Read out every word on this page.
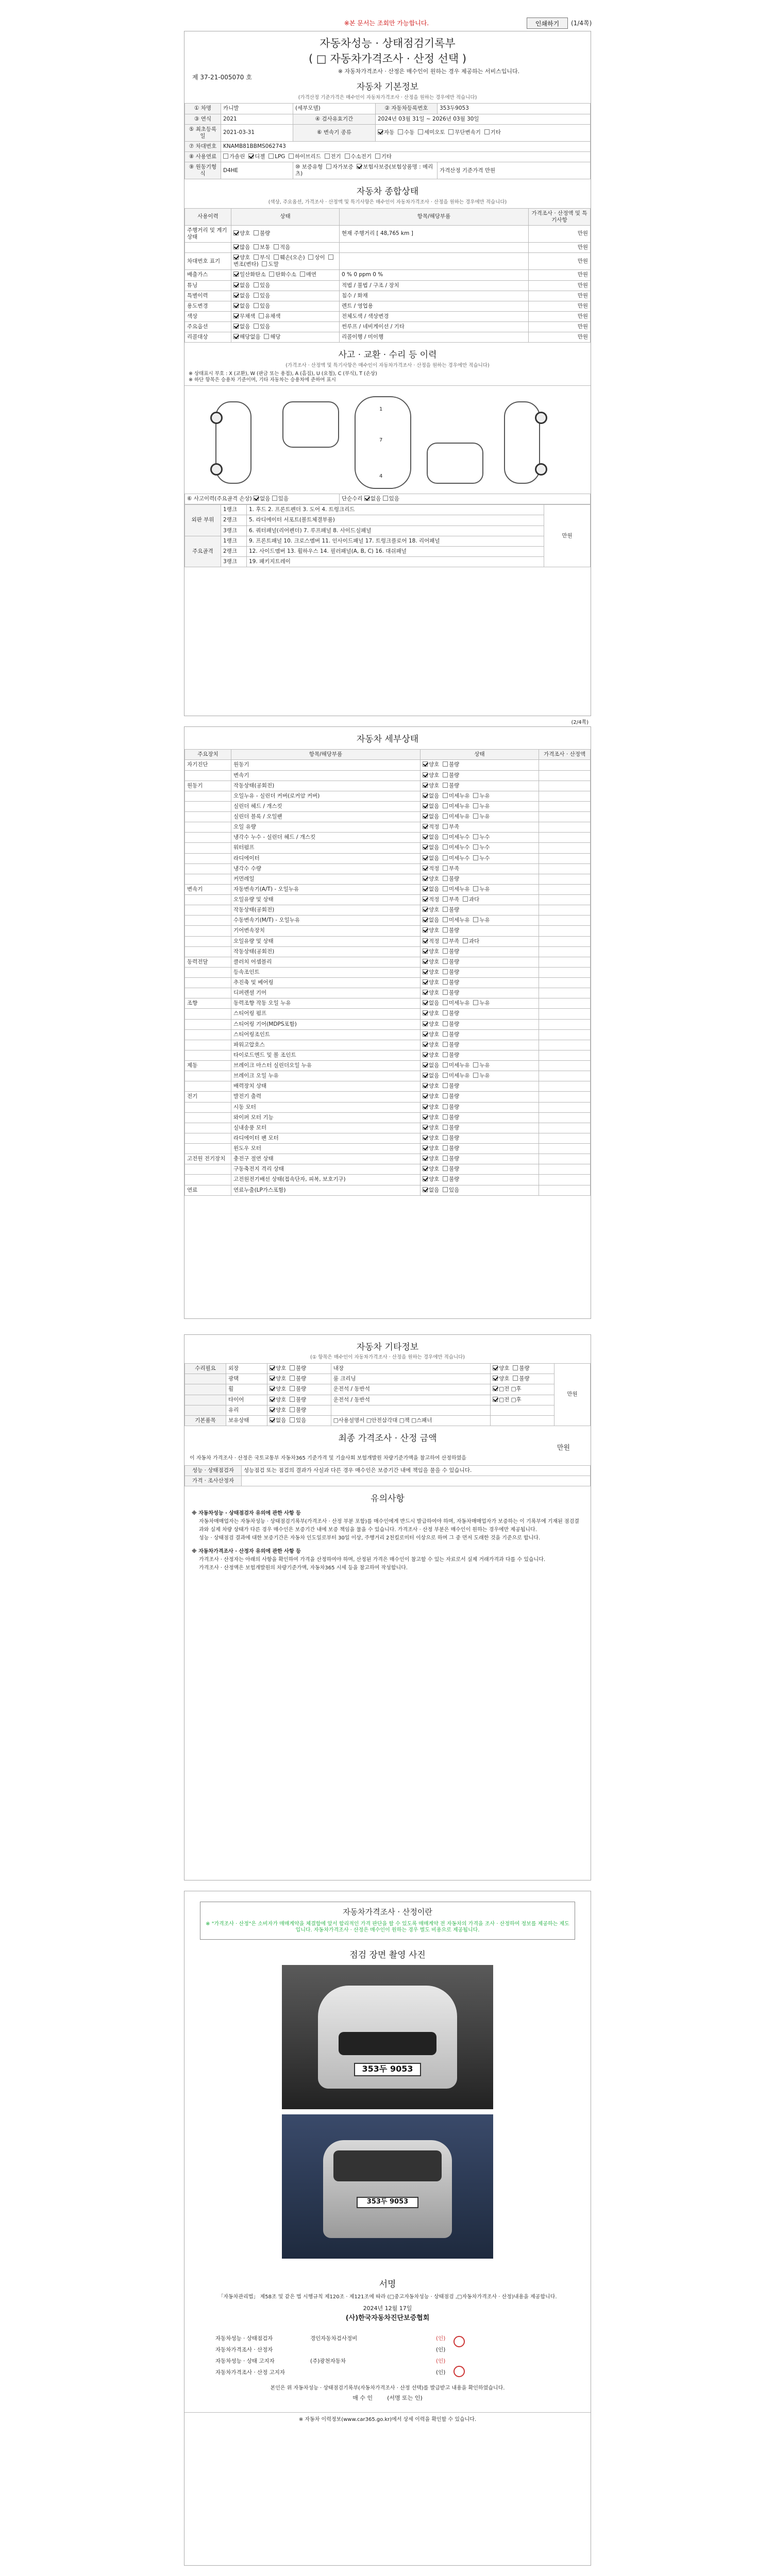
※본 문서는 조회만 가능합니다.	인쇄하기	(1/4쪽)
자동차성능 · 상태점검기록부
( □ 자동차가격조사 · 산정 선택 )
※ 자동차가격조사 · 산정은 매수인이 원하는 경우 제공하는 서비스입니다.
제 37-21-005070 호
자동차 기본정보
(가격산정 기준가격은 매수인이 자동차가격조사 · 산정을 원하는 경우에만 적습니다)
① 차명	카니발	(세부모델)	② 자동차등록번호	353두9053
③ 연식	2021	④ 검사유효기간	2024년 03월 31일 ~ 2026년 03월 30일	
⑤ 최초등록일	2021-03-31	⑥ 변속기 종류	자동 수동 세미오토 무단변속기 기타	
⑦ 차대번호	KNAMB81BBMS062743			
⑧ 사용연료	가솔린 디젤 LPG 하이브리드 전기 수소전기 기타			
⑨ 원동기형식	D4HE	⑩ 보증유형 자가보증 보험사보증(보험상품명 : 메리츠)		가격산정 기준가격 만원
자동차 종합상태
(색상, 주요옵션, 가격조사 · 산정액 및 특기사항은 매수인이 자동차가격조사 · 산정을 원하는 경우에만 적습니다)
사용이력	상태	항목/해당부품	가격조사 · 산정액 및 특기사항
주행거리 및 계기상태	양호 불량	현재 주행거리 [ 48,765 km ]	만원
	많음 보통 적음		만원
차대번호 표기	양호 부식 훼손(오손) 상이  변조(변타) 도말		만원
배출가스	일산화탄소 탄화수소 매연	0 % 0 ppm 0 %	만원
튜닝	없음 있음	적법 / 불법 / 구조 / 장치	만원
특별이력	없음 있음	침수 / 화재	만원
용도변경	없음 있음	렌트 / 영업용	만원
색상	무채색 유채색	전체도색 / 색상변경	만원
주요옵션	없음 있음	썬루프 / 네비게이션 / 기타	만원
리콜대상	해당없음 해당	리콜이행 / 미이행	만원
사고 · 교환 · 수리 등 이력
(가격조사 · 산정액 및 특기사항은 매수인이 자동차가격조사 · 산정을 원하는 경우에만 적습니다)
※ 상태표시 부호 : X (교환), W (판금 또는 용접), A (흠집), U (요철), C (부식), T (손상)
※ 하단 항목은 승용차 기준이며, 기타 자동차는 승용차에 준하여 표시
1
7
4
⑥ 사고이력(주요골격 손상) 없음 있음	단순수리 없음 있음
외판 부위	1랭크	1. 후드 2. 프론트펜더 3. 도어 4. 트렁크리드	만원
	2랭크	5. 라디에이터 서포트(볼트체결부품)	
	3랭크	6. 쿼터패널(리어펜더) 7. 루프패널 8. 사이드실패널	
주요골격	1랭크	9. 프론트패널 10. 크로스멤버 11. 인사이드패널 17. 트렁크플로어 18. 리어패널	
	2랭크	12. 사이드멤버 13. 휠하우스 14. 필러패널(A, B, C) 16. 대쉬패널	
	3랭크	19. 패키지트레이	
(2/4쪽)
자동차 세부상태
주요장치	항목/해당부품	상태	가격조사 · 산정액
자기진단	원동기	양호 불량	
	변속기	양호 불량	
원동기	작동상태(공회전)	양호 불량	
	오일누유 - 실린더 커버(로커암 커버)	없음 미세누유 누유	
	실린더 헤드 / 개스킷	없음 미세누유 누유	
	실린더 블록 / 오일팬	없음 미세누유 누유	
	오일 유량	적정 부족	
	냉각수 누수 - 실린더 헤드 / 개스킷	없음 미세누수 누수	
	워터펌프	없음 미세누수 누수	
	라디에이터	없음 미세누수 누수	
	냉각수 수량	적정 부족	
	커먼레일	양호 불량	
변속기	자동변속기(A/T) - 오일누유	없음 미세누유 누유	
	오일유량 및 상태	적정 부족 과다	
	작동상태(공회전)	양호 불량	
	수동변속기(M/T) - 오일누유	없음 미세누유 누유	
	기어변속장치	양호 불량	
	오일유량 및 상태	적정 부족 과다	
	작동상태(공회전)	양호 불량	
동력전달	클러치 어셈블리	양호 불량	
	등속조인트	양호 불량	
	추진축 및 베어링	양호 불량	
	디퍼렌셜 기어	양호 불량	
조향	동력조향 작동 오일 누유	없음 미세누유 누유	
	스티어링 펌프	양호 불량	
	스티어링 기어(MDPS포함)	양호 불량	
	스티어링조인트	양호 불량	
	파워고압호스	양호 불량	
	타이로드엔드 및 볼 조인트	양호 불량	
제동	브레이크 마스터 실린더오일 누유	없음 미세누유 누유	
	브레이크 오일 누유	없음 미세누유 누유	
	배력장치 상태	양호 불량	
전기	발전기 출력	양호 불량	
	시동 모터	양호 불량	
	와이퍼 모터 기능	양호 불량	
	실내송풍 모터	양호 불량	
	라디에이터 팬 모터	양호 불량	
	윈도우 모터	양호 불량	
고전원 전기장치	충전구 절연 상태	양호 불량	
	구동축전지 격리 상태	양호 불량	
	고전원전기배선 상태(접속단자, 피복, 보호기구)	양호 불량	
연료	연료누출(LP가스포함)	없음 있음	
자동차 기타정보
(① 항목은 매수인이 자동차가격조사 · 산정을 원하는 경우에만 적습니다)
수리필요	외장	양호 불량	내장	양호 불량	만원
	광택	양호 불량	룸 크리닝	양호 불량	
	휠	양호 불량	운전석 / 동반석	□전 □후	
	타이어	양호 불량	운전석 / 동반석	□전 □후	
	유리	양호 불량			
기본품목	보유상태	없음 있음	□사용설명서 □안전삼각대 □잭 □스패너		
최종 가격조사 · 산정 금액
만원
이 자동차 가격조사 · 산정은 국토교통부 자동차365 기준가격 및 기술사회 보험개발원 차량기준가액을 참고하여 산정하였음
성능 · 상태점검자	성능점검 또는 점검의 결과가 사실과 다른 경우 매수인은 보증기간 내에 책임을 물을 수 있습니다.
가격 · 조사산정자	
유의사항
※ 자동차성능 · 상태점검자 유의에 관한 사항 등
자동차매매업자는 자동차성능 · 상태점검기록부(가격조사 · 산정 부분 포함)를 매수인에게 반드시 발급하여야 하며, 자동차매매업자가 보증하는 이 기록부에 기재된 점검결과와 실제 차량 상태가 다른 경우 매수인은 보증기간 내에 보증 책임을 물을 수 있습니다. 가격조사 · 산정 부분은 매수인이 원하는 경우에만 제공됩니다.
성능 · 상태점검 결과에 대한 보증기간은 자동차 인도일로부터 30일 이상, 주행거리 2천킬로미터 이상으로 하며 그 중 먼저 도래한 것을 기준으로 합니다.
※ 자동차가격조사 · 산정자 유의에 관한 사항 등
가격조사 · 산정자는 아래의 사항을 확인하여 가격을 산정하여야 하며, 산정된 가격은 매수인이 참고할 수 있는 자료로서 실제 거래가격과 다를 수 있습니다.
가격조사 · 산정액은 보험개발원의 차량기준가액, 자동차365 시세 등을 참고하여 작성합니다.
자동차가격조사 · 산정이란
※ "가격조사 · 산정"은 소비자가 매매계약을 체결함에 앞서 합리적인 가격 판단을 할 수 있도록 매매계약 전 자동차의 가격을 조사 · 산정하여 정보를 제공하는 제도입니다. 자동차가격조사 · 산정은 매수인이 원하는 경우 별도 비용으로 제공됩니다.
점검 장면 촬영 사진
353두 9053
353두 9053
서명
「자동차관리법」 제58조 및 같은 법 시행규칙 제120조 · 제121조에 따라 (□중고자동차성능 · 상태점검 ,□자동차가격조사 · 산정)내용을 제공합니다.
2024년 12월 17일
(사)한국자동차진단보증협회
자동차성능 · 상태점검자	경인자동차검사정비	(인)
자동차가격조사 · 산정자	(인)
자동차성능 · 상태 고지자	(주)광천자동차	(인)
자동차가격조사 · 산정 고지자	(인)
본인은 위 자동차성능 · 상태점검기록부(자동차가격조사 · 산정 선택)를 발급받고 내용을 확인하였습니다.
매 수 인	(서명 또는 인)
※ 자동차 이력정보(www.car365.go.kr)에서 상세 이력을 확인할 수 있습니다.
